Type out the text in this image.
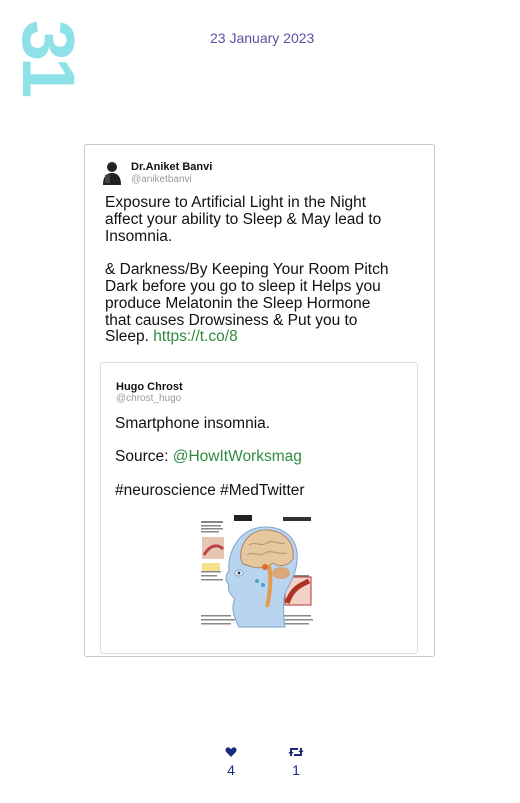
31	23 January 2023
Dr.Aniket Banvi
@aniketbanvi
Exposure to Artificial Light in the Night
affect your ability to Sleep & May lead to
Insomnia.

& Darkness/By Keeping Your Room Pitch
Dark before you go to sleep it Helps you
produce Melatonin the Sleep Hormone
that causes Drowsiness & Put you to
Sleep. https://t.co/8
Hugo Chrost
@chrost_hugo
Smartphone insomnia.
Source: @HowItWorksmag
#neuroscience #MedTwitter
4	1
